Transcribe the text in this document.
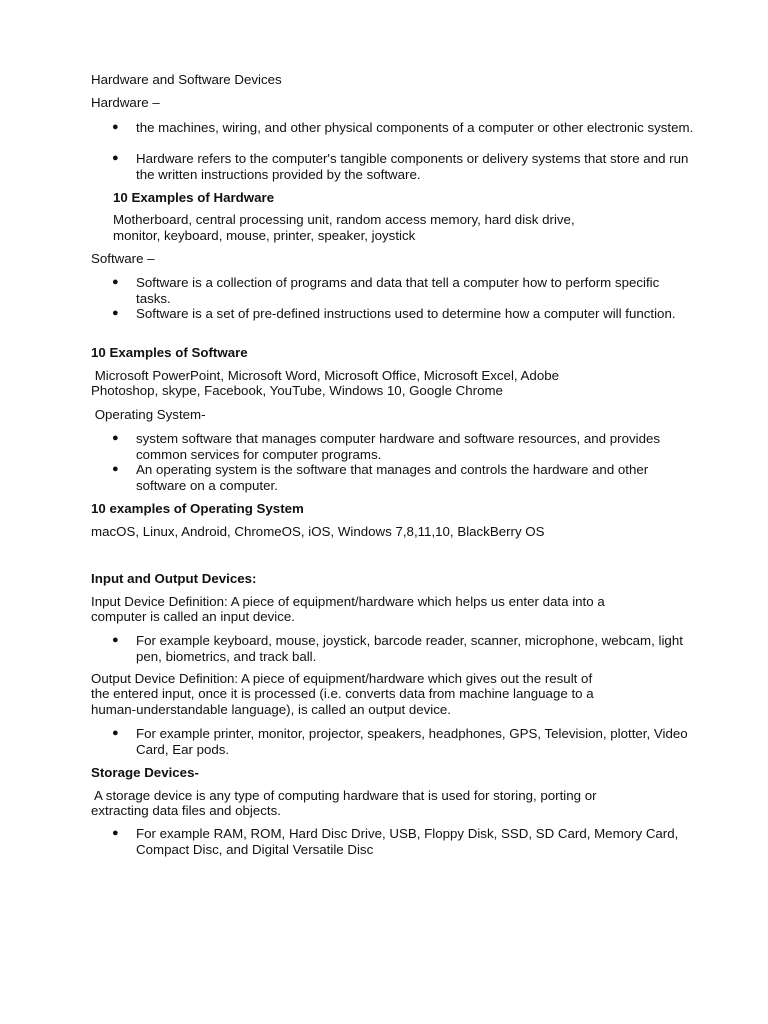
Hardware and Software Devices

Hardware –

● the machines, wiring, and other physical components of a computer or other electronic system.

● Hardware refers to the computer's tangible components or delivery systems that store and run the written instructions provided by the software.

10 Examples of Hardware

Motherboard, central processing unit, random access memory, hard disk drive,

monitor, keyboard, mouse, printer, speaker, joystick

Software –

● Software is a collection of programs and data that tell a computer how to perform specific tasks.

● Software is a set of pre-defined instructions used to determine how a computer will function.

10 Examples of Software

Microsoft PowerPoint, Microsoft Word, Microsoft Office, Microsoft Excel, Adobe

Photoshop, skype, Facebook, YouTube, Windows 10, Google Chrome

Operating System-

● system software that manages computer hardware and software resources, and provides common services for computer programs.

● An operating system is the software that manages and controls the hardware and other software on a computer.

10 examples of Operating System

macOS, Linux, Android, ChromeOS, iOS, Windows 7,8,11,10, BlackBerry OS

Input and Output Devices:

Input Device Definition: A piece of equipment/hardware which helps us enter data into a

computer is called an input device.

● For example keyboard, mouse, joystick, barcode reader, scanner, microphone, webcam, light pen, biometrics, and track ball.

Output Device Definition: A piece of equipment/hardware which gives out the result of

the entered input, once it is processed (i.e. converts data from machine language to a

human-understandable language), is called an output device.

● For example printer, monitor, projector, speakers, headphones, GPS, Television, plotter, Video Card, Ear pods.

Storage Devices-

A storage device is any type of computing hardware that is used for storing, porting or

extracting data files and objects.

● For example RAM, ROM, Hard Disc Drive, USB, Floppy Disk, SSD, SD Card, Memory Card, Compact Disc, and Digital Versatile Disc
